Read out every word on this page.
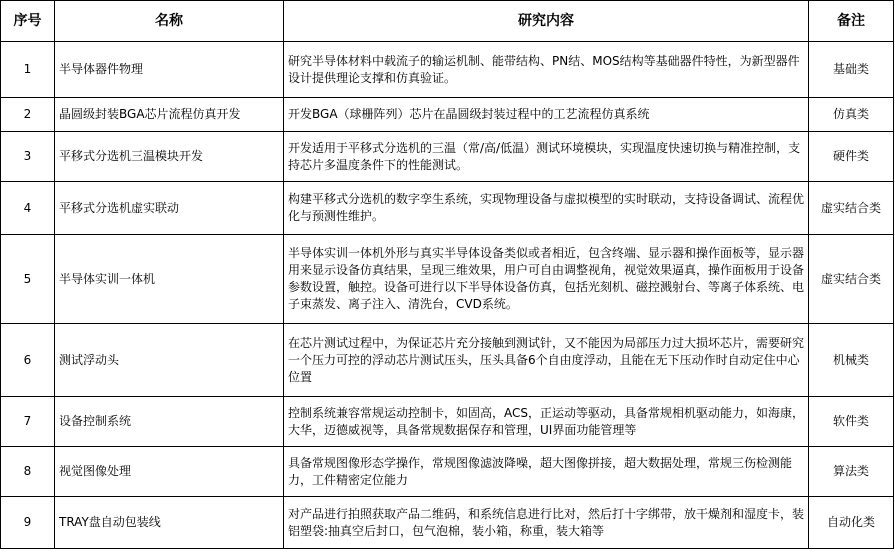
序号	名称	研究内容	备注
1	半导体器件物理	研究半导体材料中载流子的输运机制、能带结构、PN结、MOS结构等基础器件特性，为新型器件设计提供理论支撑和仿真验证。	基础类
2	晶圆级封装BGA芯片流程仿真开发	开发BGA（球栅阵列）芯片在晶圆级封装过程中的工艺流程仿真系统	仿真类
3	平移式分选机三温模块开发	开发适用于平移式分选机的三温（常/高/低温）测试环境模块，实现温度快速切换与精准控制，支持芯片多温度条件下的性能测试。	硬件类
4	平移式分选机虚实联动	构建平移式分选机的数字孪生系统，实现物理设备与虚拟模型的实时联动，支持设备调试、流程优化与预测性维护。	虚实结合类
5	半导体实训一体机	半导体实训一体机外形与真实半导体设备类似或者相近，包含终端、显示器和操作面板等，显示器用来显示设备仿真结果，呈现三维效果，用户可自由调整视角，视觉效果逼真，操作面板用于设备参数设置，触控。设备可进行以下半导体设备仿真，包括光刻机、磁控溅射台、等离子体系统、电子束蒸发、离子注入、清洗台，CVD系统。	虚实结合类
6	测试浮动头	在芯片测试过程中，为保证芯片充分接触到测试针，又不能因为局部压力过大损坏芯片，需要研究一个压力可控的浮动芯片测试压头，压头具备6个自由度浮动，且能在无下压动作时自动定住中心位置	机械类
7	设备控制系统	控制系统兼容常规运动控制卡，如固高，ACS，正运动等驱动，具备常规相机驱动能力，如海康，大华，迈德威视等，具备常规数据保存和管理，UI界面功能管理等	软件类
8	视觉图像处理	具备常规图像形态学操作，常规图像滤波降噪，超大图像拼接，超大数据处理，常规三伤检测能力，工件精密定位能力	算法类
9	TRAY盘自动包装线	对产品进行拍照获取产品二维码，和系统信息进行比对，然后打十字绑带，放干燥剂和湿度卡，装铝塑袋:抽真空后封口，包气泡棉，装小箱，称重，装大箱等	自动化类
